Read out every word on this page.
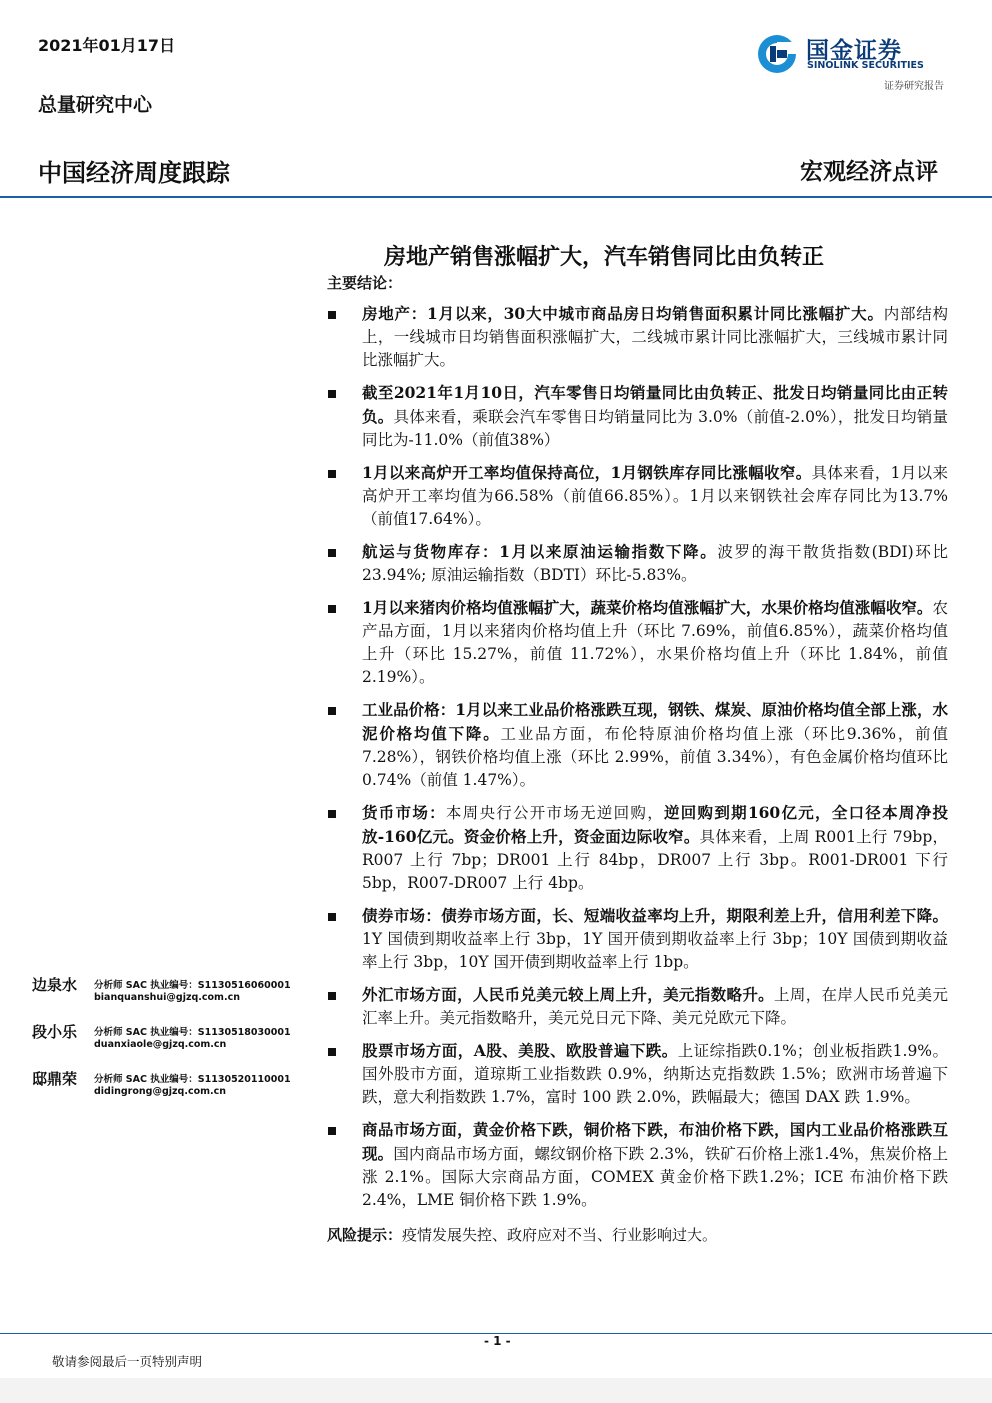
2021年01月17日
总量研究中心
国金证券
SINOLINK SECURITIES
证券研究报告
中国经济周度跟踪	宏观经济点评
房地产销售涨幅扩大，汽车销售同比由负转正
主要结论：
房地产：1月以来，30大中城市商品房日均销售面积累计同比涨幅扩大。内部结构上，一线城市日均销售面积涨幅扩大，二线城市累计同比涨幅扩大，三线城市累计同比涨幅扩大。
截至2021年1月10日，汽车零售日均销量同比由负转正、批发日均销量同比由正转负。具体来看，乘联会汽车零售日均销量同比为 3.0%（前值-2.0%），批发日均销量同比为-11.0%（前值38%）
1月以来高炉开工率均值保持高位，1月钢铁库存同比涨幅收窄。具体来看，1月以来高炉开工率均值为66.58%（前值66.85%）。1月以来钢铁社会库存同比为13.7%（前值17.64%）。
航运与货物库存：1月以来原油运输指数下降。波罗的海干散货指数(BDI)环比23.94%; 原油运输指数（BDTI）环比-5.83%。
1月以来猪肉价格均值涨幅扩大，蔬菜价格均值涨幅扩大，水果价格均值涨幅收窄。农产品方面，1月以来猪肉价格均值上升（环比 7.69%，前值6.85%），蔬菜价格均值上升（环比 15.27%，前值 11.72%），水果价格均值上升（环比 1.84%，前值 2.19%）。
工业品价格：1月以来工业品价格涨跌互现，钢铁、煤炭、原油价格均值全部上涨，水泥价格均值下降。工业品方面，布伦特原油价格均值上涨（环比9.36%，前值 7.28%），钢铁价格均值上涨（环比 2.99%，前值 3.34%），有色金属价格均值环比 0.74%（前值 1.47%）。
货币市场：本周央行公开市场无逆回购，逆回购到期160亿元，全口径本周净投放-160亿元。资金价格上升，资金面边际收窄。具体来看，上周 R001上行 79bp，R007 上行 7bp；DR001 上行 84bp，DR007 上行 3bp。R001-DR001 下行 5bp，R007-DR007 上行 4bp。
债券市场：债券市场方面，长、短端收益率均上升，期限利差上升，信用利差下降。1Y 国债到期收益率上行 3bp，1Y 国开债到期收益率上行 3bp；10Y 国债到期收益率上行 3bp，10Y 国开债到期收益率上行 1bp。
外汇市场方面，人民币兑美元较上周上升，美元指数略升。上周，在岸人民币兑美元汇率上升。美元指数略升，美元兑日元下降、美元兑欧元下降。
股票市场方面，A股、美股、欧股普遍下跌。上证综指跌0.1%；创业板指跌1.9%。国外股市方面，道琼斯工业指数跌 0.9%，纳斯达克指数跌 1.5%；欧洲市场普遍下跌，意大利指数跌 1.7%，富时 100 跌 2.0%，跌幅最大；德国 DAX 跌 1.9%。
商品市场方面，黄金价格下跌，铜价格下跌，布油价格下跌，国内工业品价格涨跌互现。国内商品市场方面，螺纹钢价格下跌 2.3%，铁矿石价格上涨1.4%，焦炭价格上涨 2.1%。国际大宗商品方面，COMEX 黄金价格下跌1.2%；ICE 布油价格下跌 2.4%，LME 铜价格下跌 1.9%。
风险提示：疫情发展失控、政府应对不当、行业影响过大。
边泉水 分析师 SAC 执业编号：S1130516060001
bianquanshui@gjzq.com.cn
段小乐 分析师 SAC 执业编号：S1130518030001
duanxiaole@gjzq.com.cn
邸鼎荣 分析师 SAC 执业编号：S1130520110001
didingrong@gjzq.com.cn
- 1 -
敬请参阅最后一页特别声明
